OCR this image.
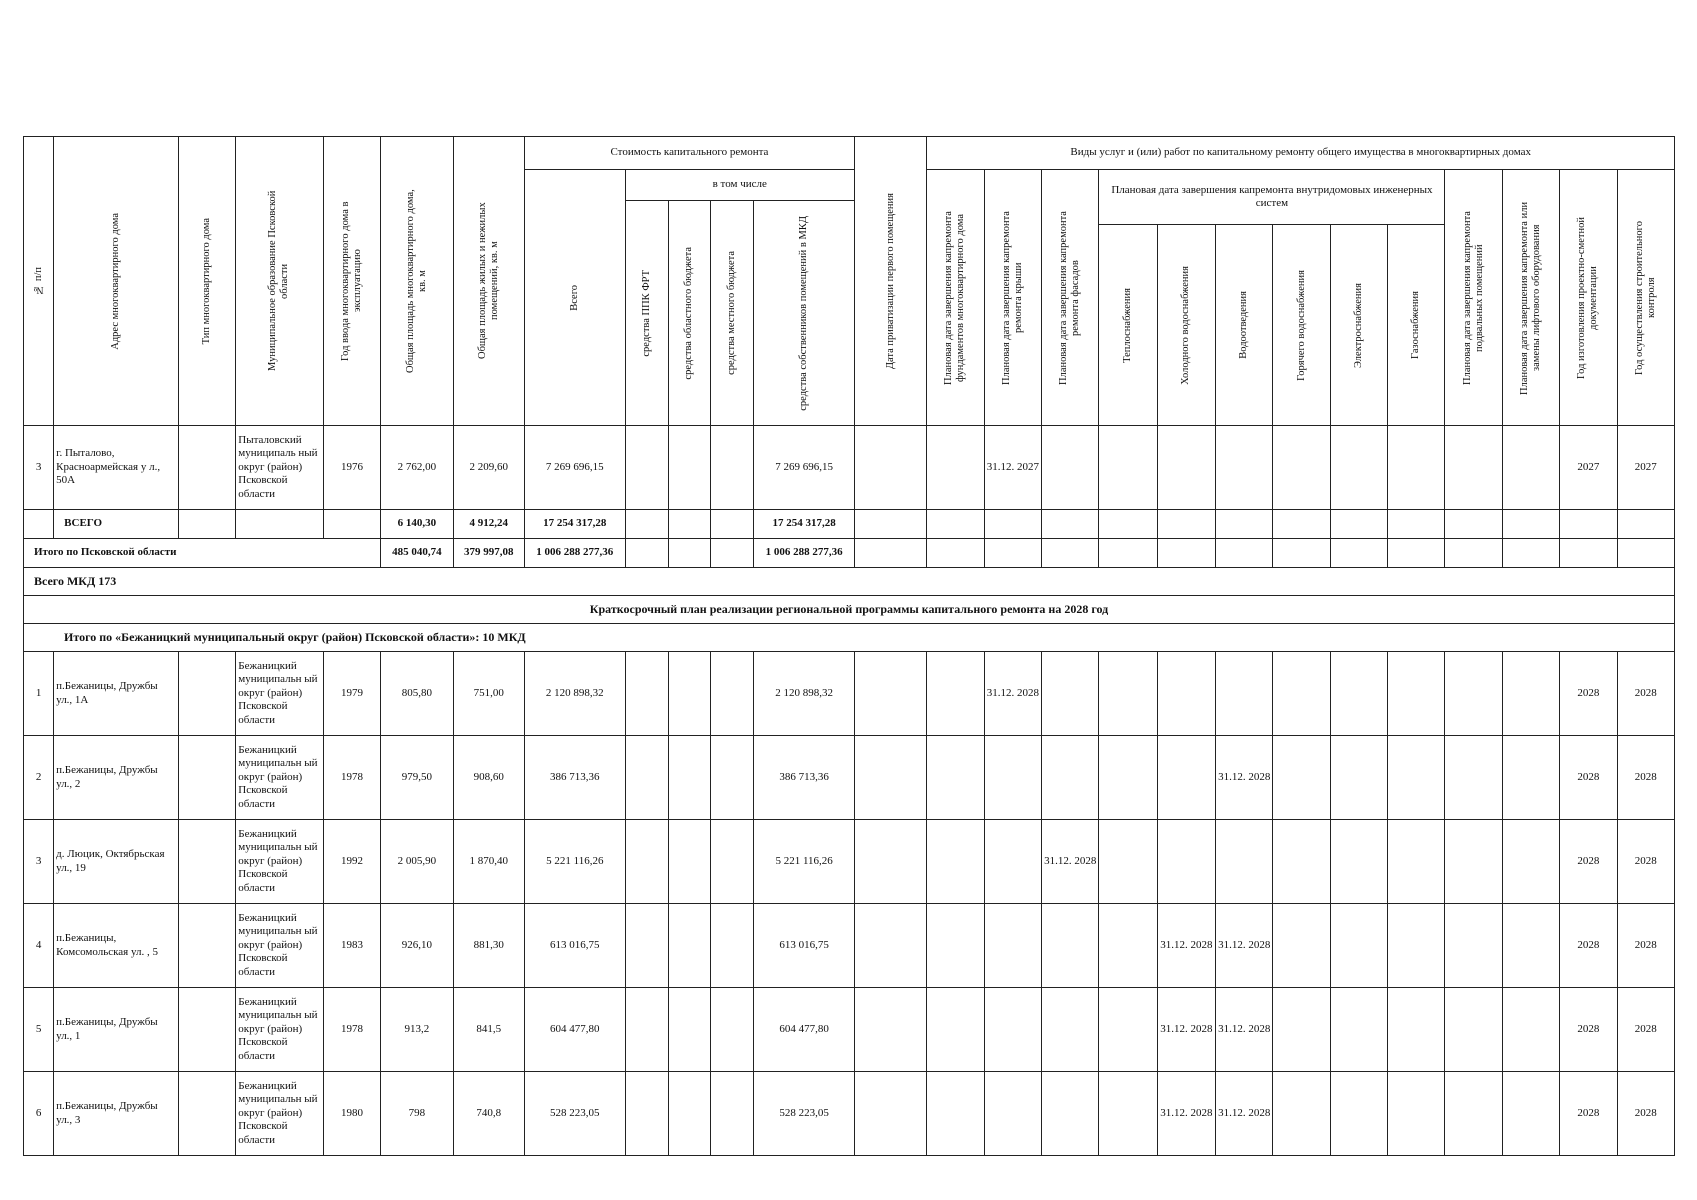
№ п/п	Адрес многоквартирного дома	Тип многоквартирного дома	Муниципальное образование Псковской области	Год ввода многоквартирного дома в эксплуатацию	Общая площадь многоквартирного дома, кв. м	Общая площадь жилых и нежилых помещений, кв. м	Стоимость капитального ремонта					Дата приватизации первого помещения	Виды услуг и (или) работ по капитальному ремонту общего имущества в многоквартирных домах												

							Всего	в том числе					Плановая дата завершения капремонта фундаментов многоквартирного дома	Плановая дата завершения капремонта ремонта крыши	Плановая дата завершения капремонта ремонта фасадов	Плановая дата завершения капремонта внутридомовых инженерных систем						Плановая дата завершения капремонта подвальных помещений	Плановая дата завершения капремонта или замены лифтового оборудования	Год изготовления проектно-сметной документации	Год осуществления строительного контроля

								средства ППК ФРТ	средства областного бюджета	средства местного бюджета	средства собственников помещений в МКД														

																Теплоснабжения	Холодного водоснабжения	Водоотведения	Горячего водоснабжения	Электроснабжения	Газоснабжения				

3	г. Пыталово, Красноармейская у л., 50А		Пыталовский муниципаль ный округ (район) Псковской области	1976	2 762,00	2 209,60	7 269 696,15				7 269 696,15			31.12. 2027										2027	2027
	ВСЕГО				6 140,30	4 912,24	17 254 317,28				17 254 317,28														
Итого по Псковской области					485 040,74	379 997,08	1 006 288 277,36				1 006 288 277,36														
Всего МКД 173																									
Краткосрочный план реализации региональной программы капитального ремонта на 2028 год																									
Итого по «Бежаницкий муниципальный округ (район) Псковской области»: 10 МКД																									
1	п.Бежаницы, Дружбы ул., 1А		Бежаницкий муниципальн ый округ (район) Псковской области	1979	805,80	751,00	2 120 898,32				2 120 898,32			31.12. 2028										2028	2028
2	п.Бежаницы, Дружбы ул., 2		Бежаницкий муниципальн ый округ (район) Псковской области	1978	979,50	908,60	386 713,36				386 713,36							31.12. 2028						2028	2028
3	д. Люцик, Октябрьская ул., 19		Бежаницкий муниципальн ый округ (район) Псковской области	1992	2 005,90	1 870,40	5 221 116,26				5 221 116,26				31.12. 2028									2028	2028
4	п.Бежаницы, Комсомольская ул. , 5		Бежаницкий муниципальн ый округ (район) Псковской области	1983	926,10	881,30	613 016,75				613 016,75						31.12. 2028	31.12. 2028						2028	2028
5	п.Бежаницы, Дружбы ул., 1		Бежаницкий муниципальн ый округ (район) Псковской области	1978	913,2	841,5	604 477,80				604 477,80						31.12. 2028	31.12. 2028						2028	2028
6	п.Бежаницы, Дружбы ул., 3		Бежаницкий муниципальн ый округ (район) Псковской области	1980	798	740,8	528 223,05				528 223,05						31.12. 2028	31.12. 2028						2028	2028
